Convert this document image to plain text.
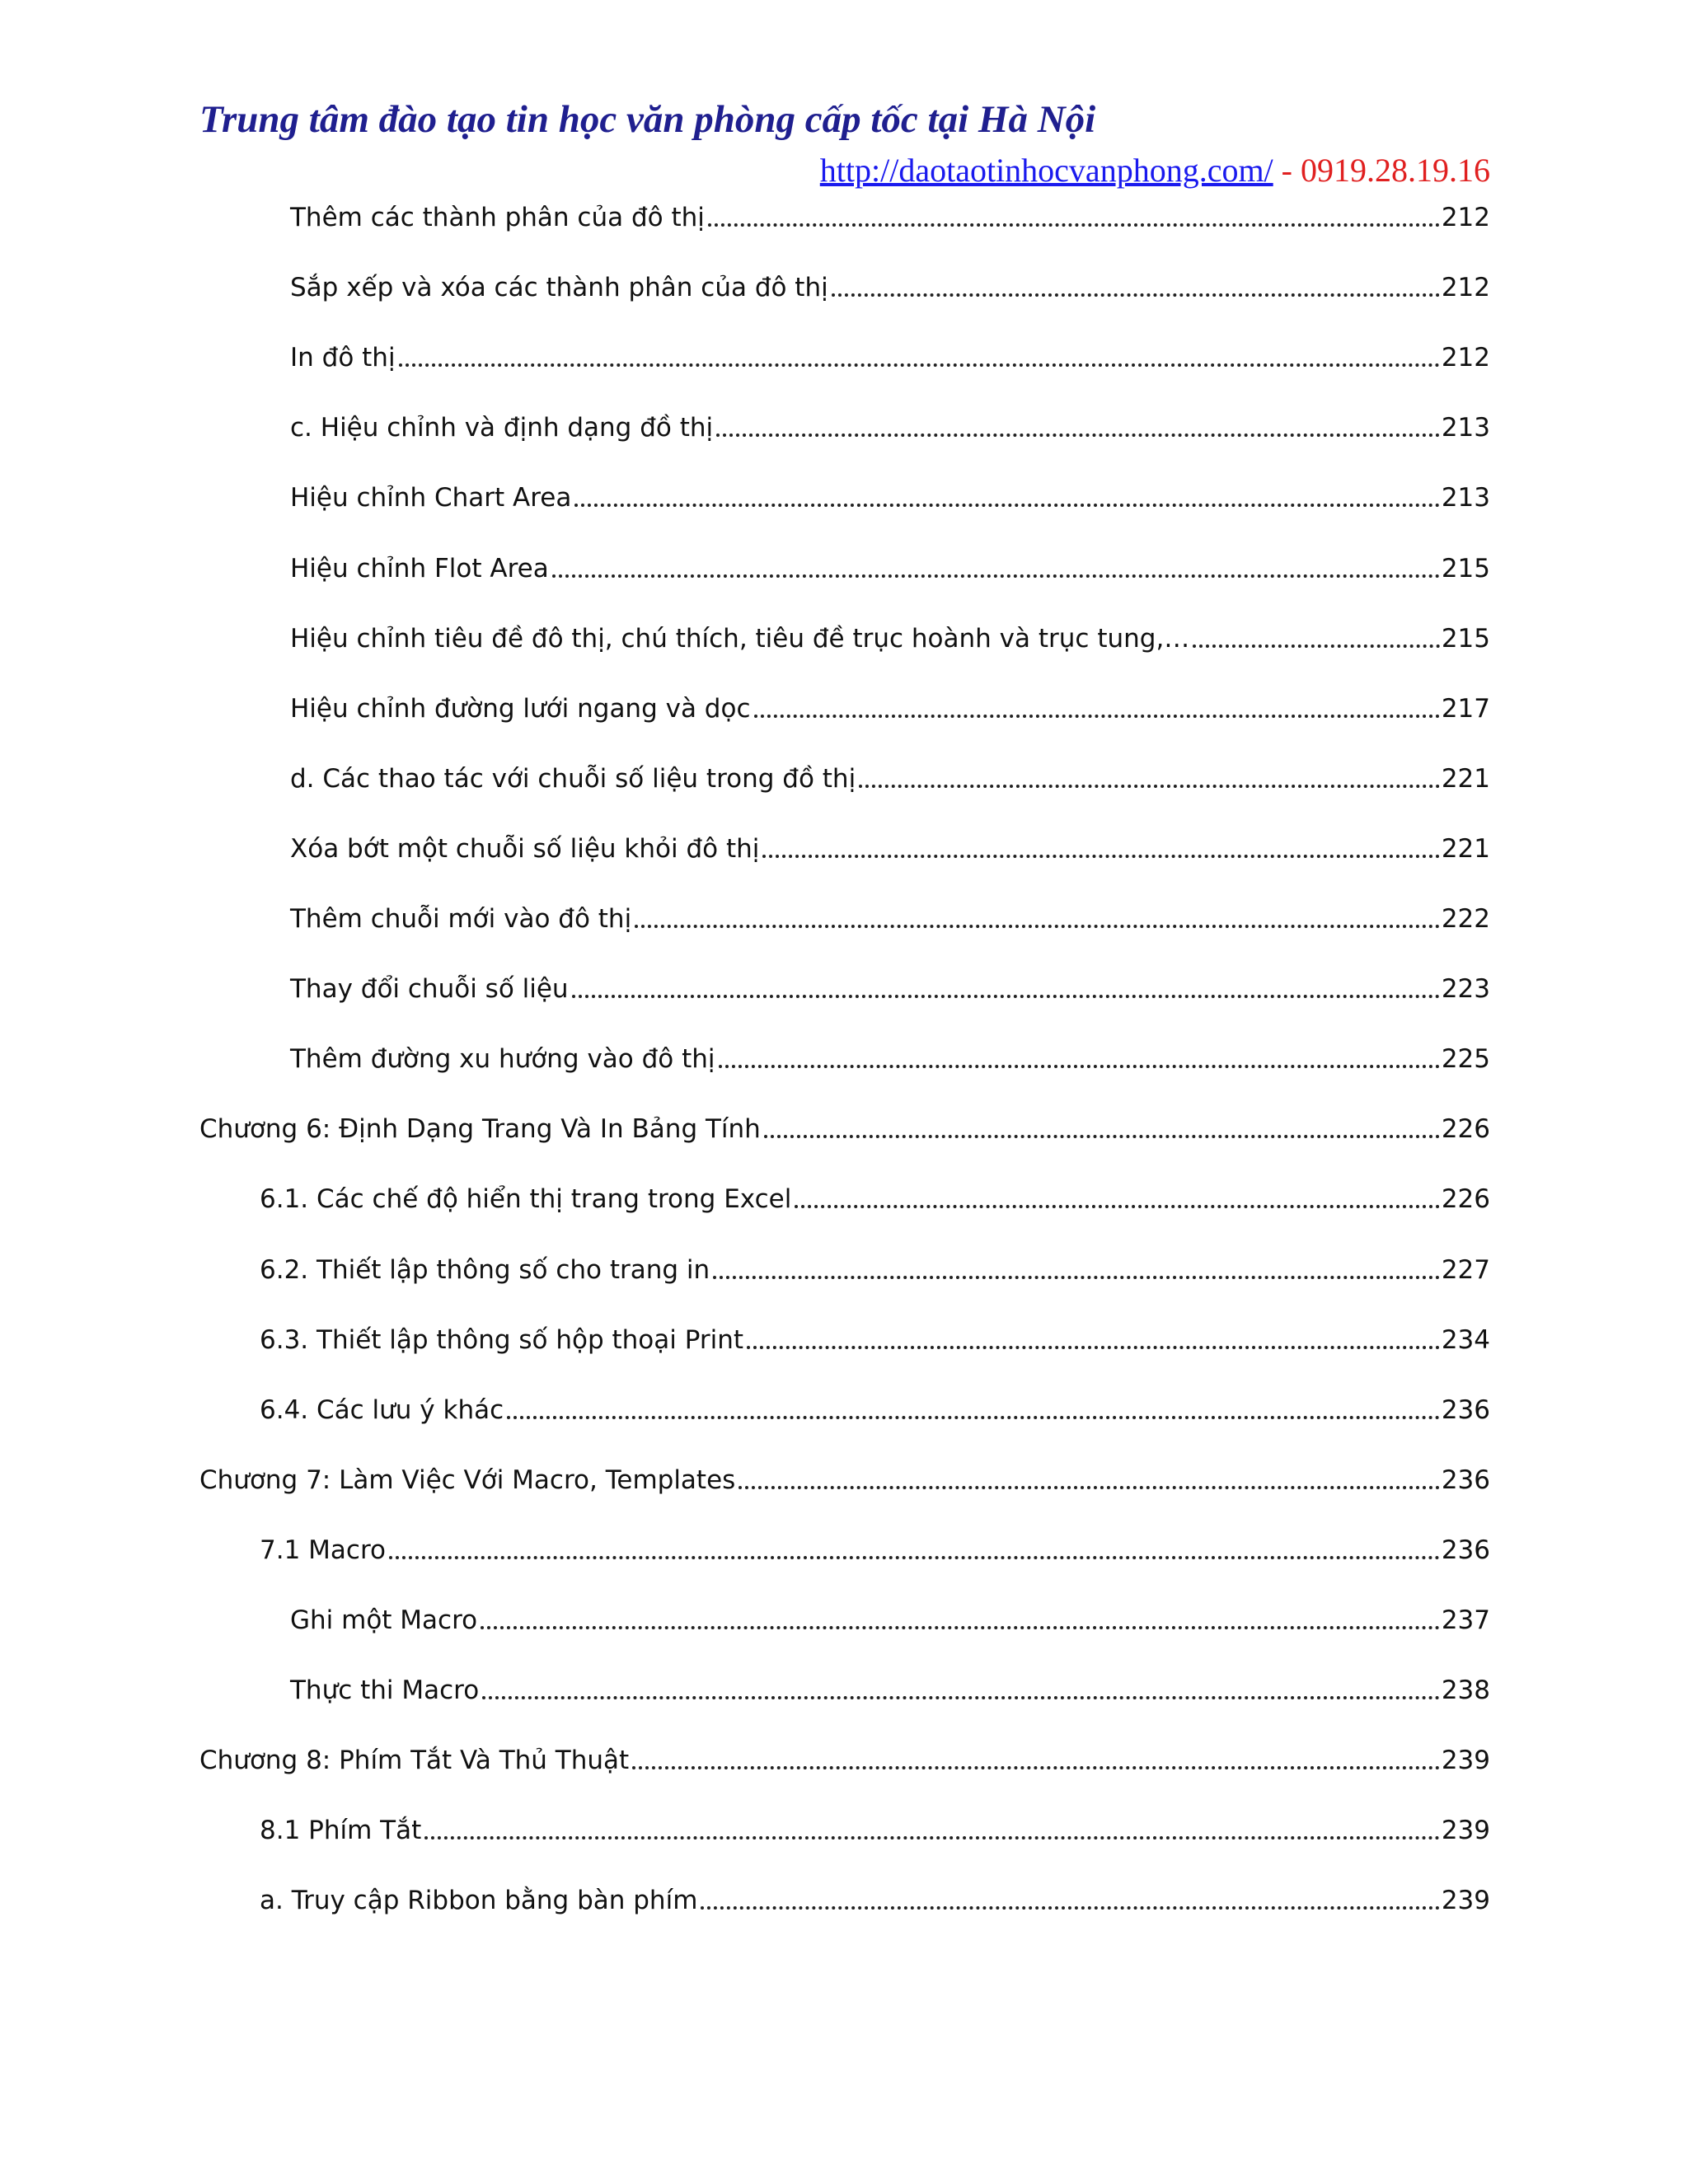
Trung tâm đào tạo tin học văn phòng cấp tốc tại Hà Nội
http://daotaotinhocvanphong.com/ - 0919.28.19.16
Thêm các thành phân của đô thị	212
Sắp xếp và xóa các thành phân của đô thị	212
In đô thị	212
c. Hiệu chỉnh và định dạng đồ thị	213
Hiệu chỉnh Chart Area	213
Hiệu chỉnh Flot Area	215
Hiệu chỉnh tiêu đề đô thị, chú thích, tiêu đề trục hoành và trục tung,…	215
Hiệu chỉnh đường lưới ngang và dọc	217
d. Các thao tác với chuỗi số liệu trong đồ thị	221
Xóa bớt một chuỗi số liệu khỏi đô thị	221
Thêm chuỗi mới vào đô thị	222
Thay đổi chuỗi số liệu	223
Thêm đường xu hướng vào đô thị	225
Chương 6: Định Dạng Trang Và In Bảng Tính	226
6.1. Các chế độ hiển thị trang trong Excel	226
6.2. Thiết lập thông số cho trang in	227
6.3. Thiết lập thông số hộp thoại Print	234
6.4. Các lưu ý khác	236
Chương 7: Làm Việc Với Macro, Templates	236
7.1 Macro	236
Ghi một Macro	237
Thực thi Macro	238
Chương 8: Phím Tắt Và Thủ Thuật	239
8.1 Phím Tắt	239
a. Truy cập Ribbon bằng bàn phím	239
